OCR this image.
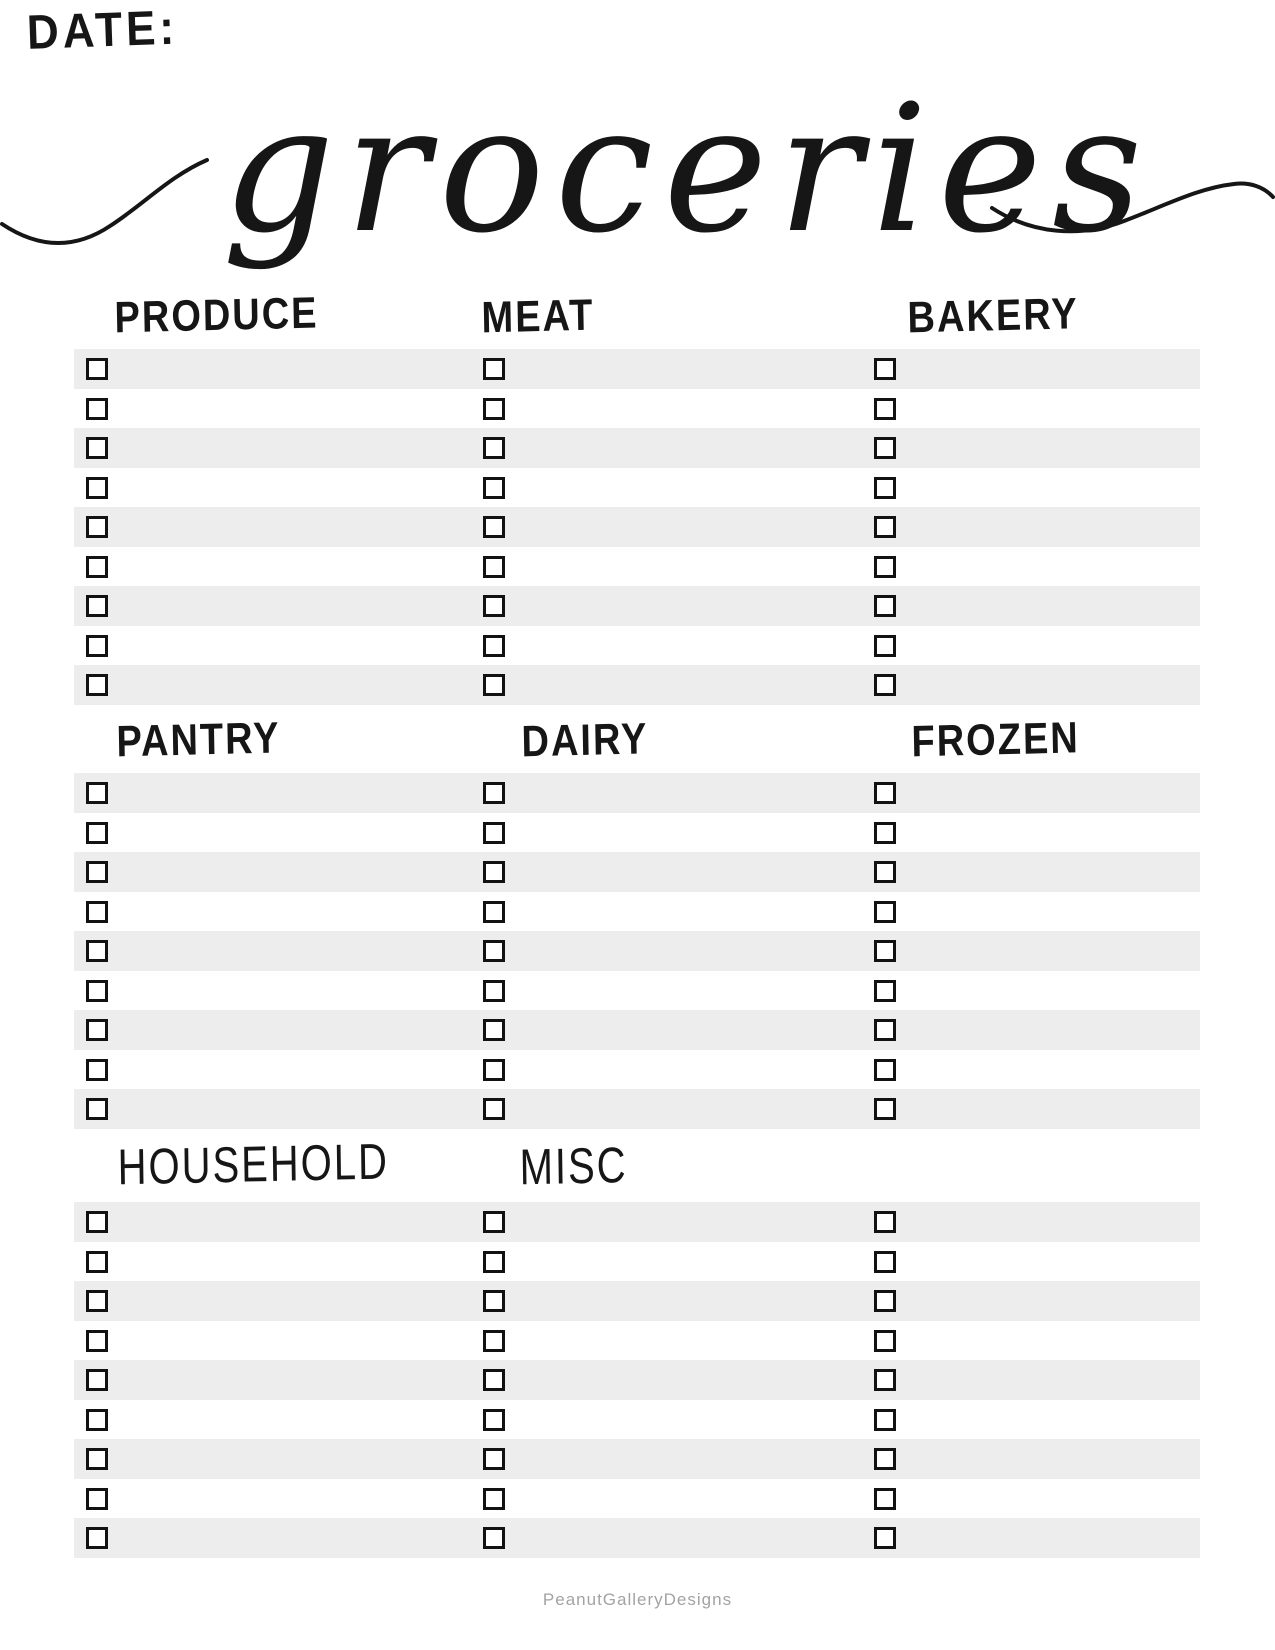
DATE:
groceries
PRODUCE	MEAT	BAKERY
PANTRY	DAIRY	FROZEN
HOUSEHOLD	MISC
PeanutGalleryDesigns
